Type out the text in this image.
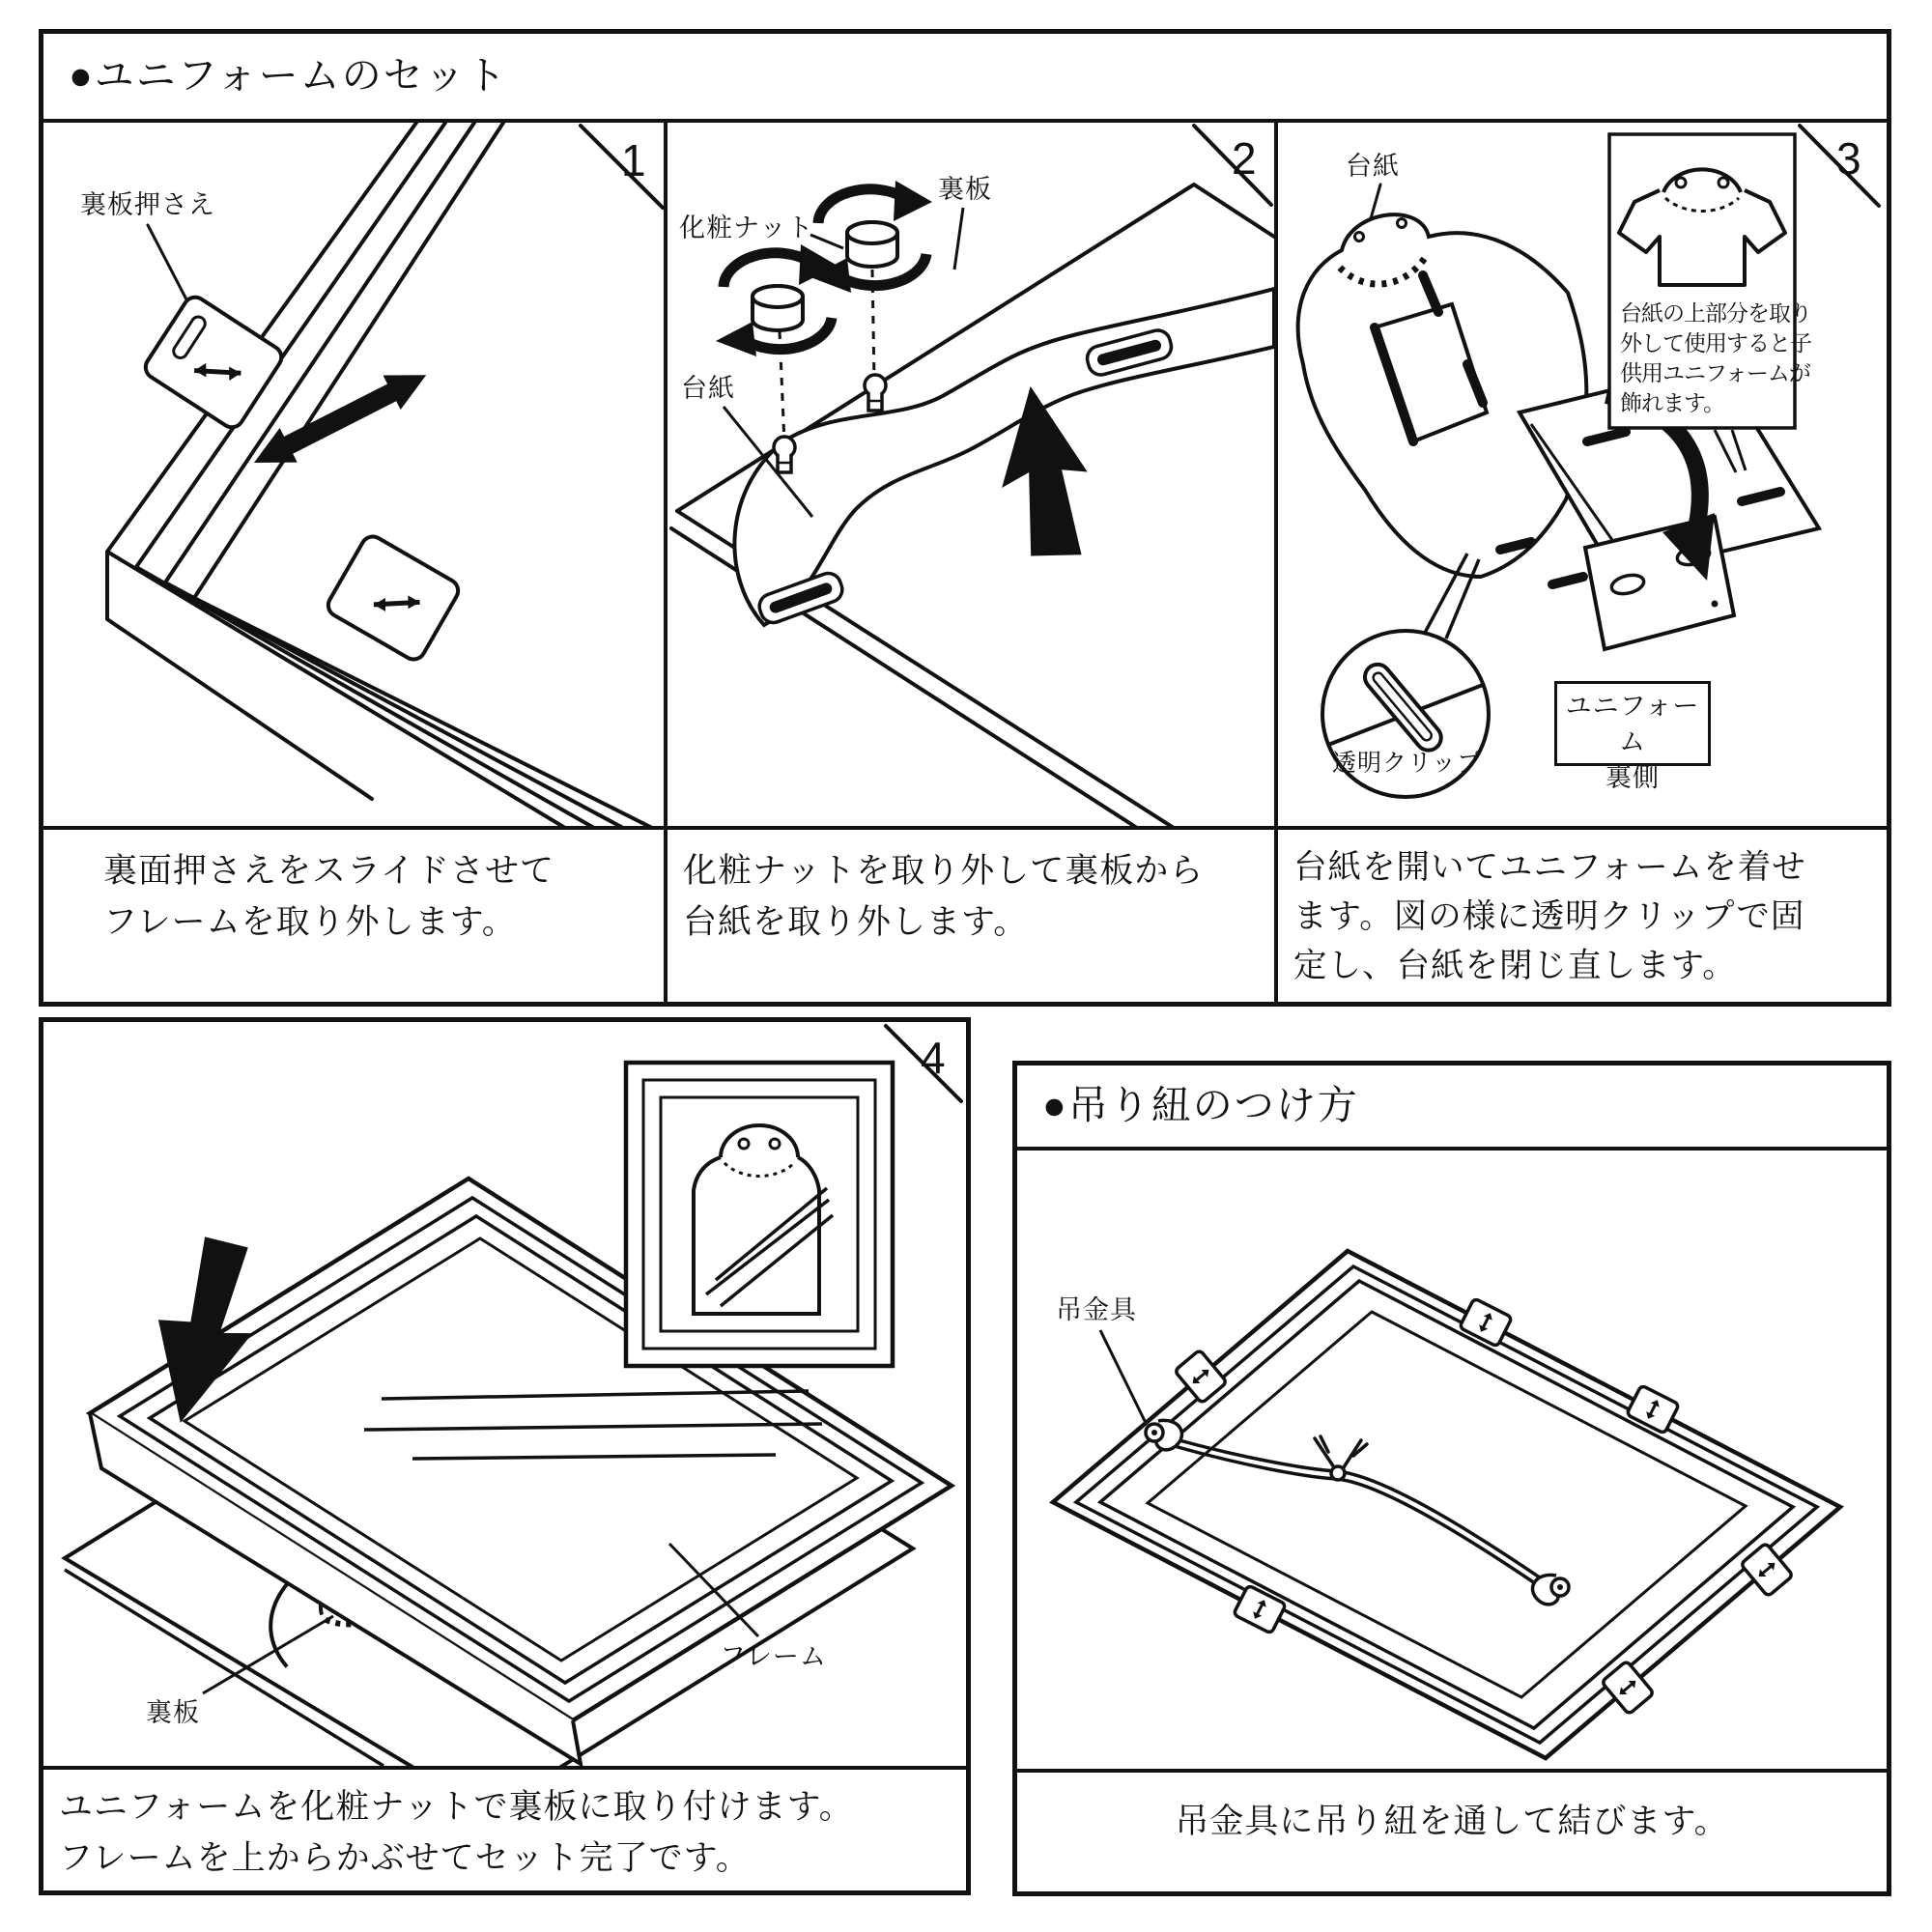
●ユニフォームのセット
裏板押さえ
1
裏面押さえをスライドさせて
フレームを取り外します。
化粧ナット
裏板
台紙
2
化粧ナットを取り外して裏板から
台紙を取り外します。
台紙	3
台紙の上部分を取り
外して使用すると子
供用ユニフォームが
飾れます。
透明クリップ
ユニフォーム
裏側
台紙を開いてユニフォームを着せ
ます。図の様に透明クリップで固
定し、台紙を閉じ直します。
4
フレーム
裏板
ユニフォームを化粧ナットで裏板に取り付けます。
フレームを上からかぶせてセット完了です。
●吊り紐のつけ方
吊金具
吊金具に吊り紐を通して結びます。
